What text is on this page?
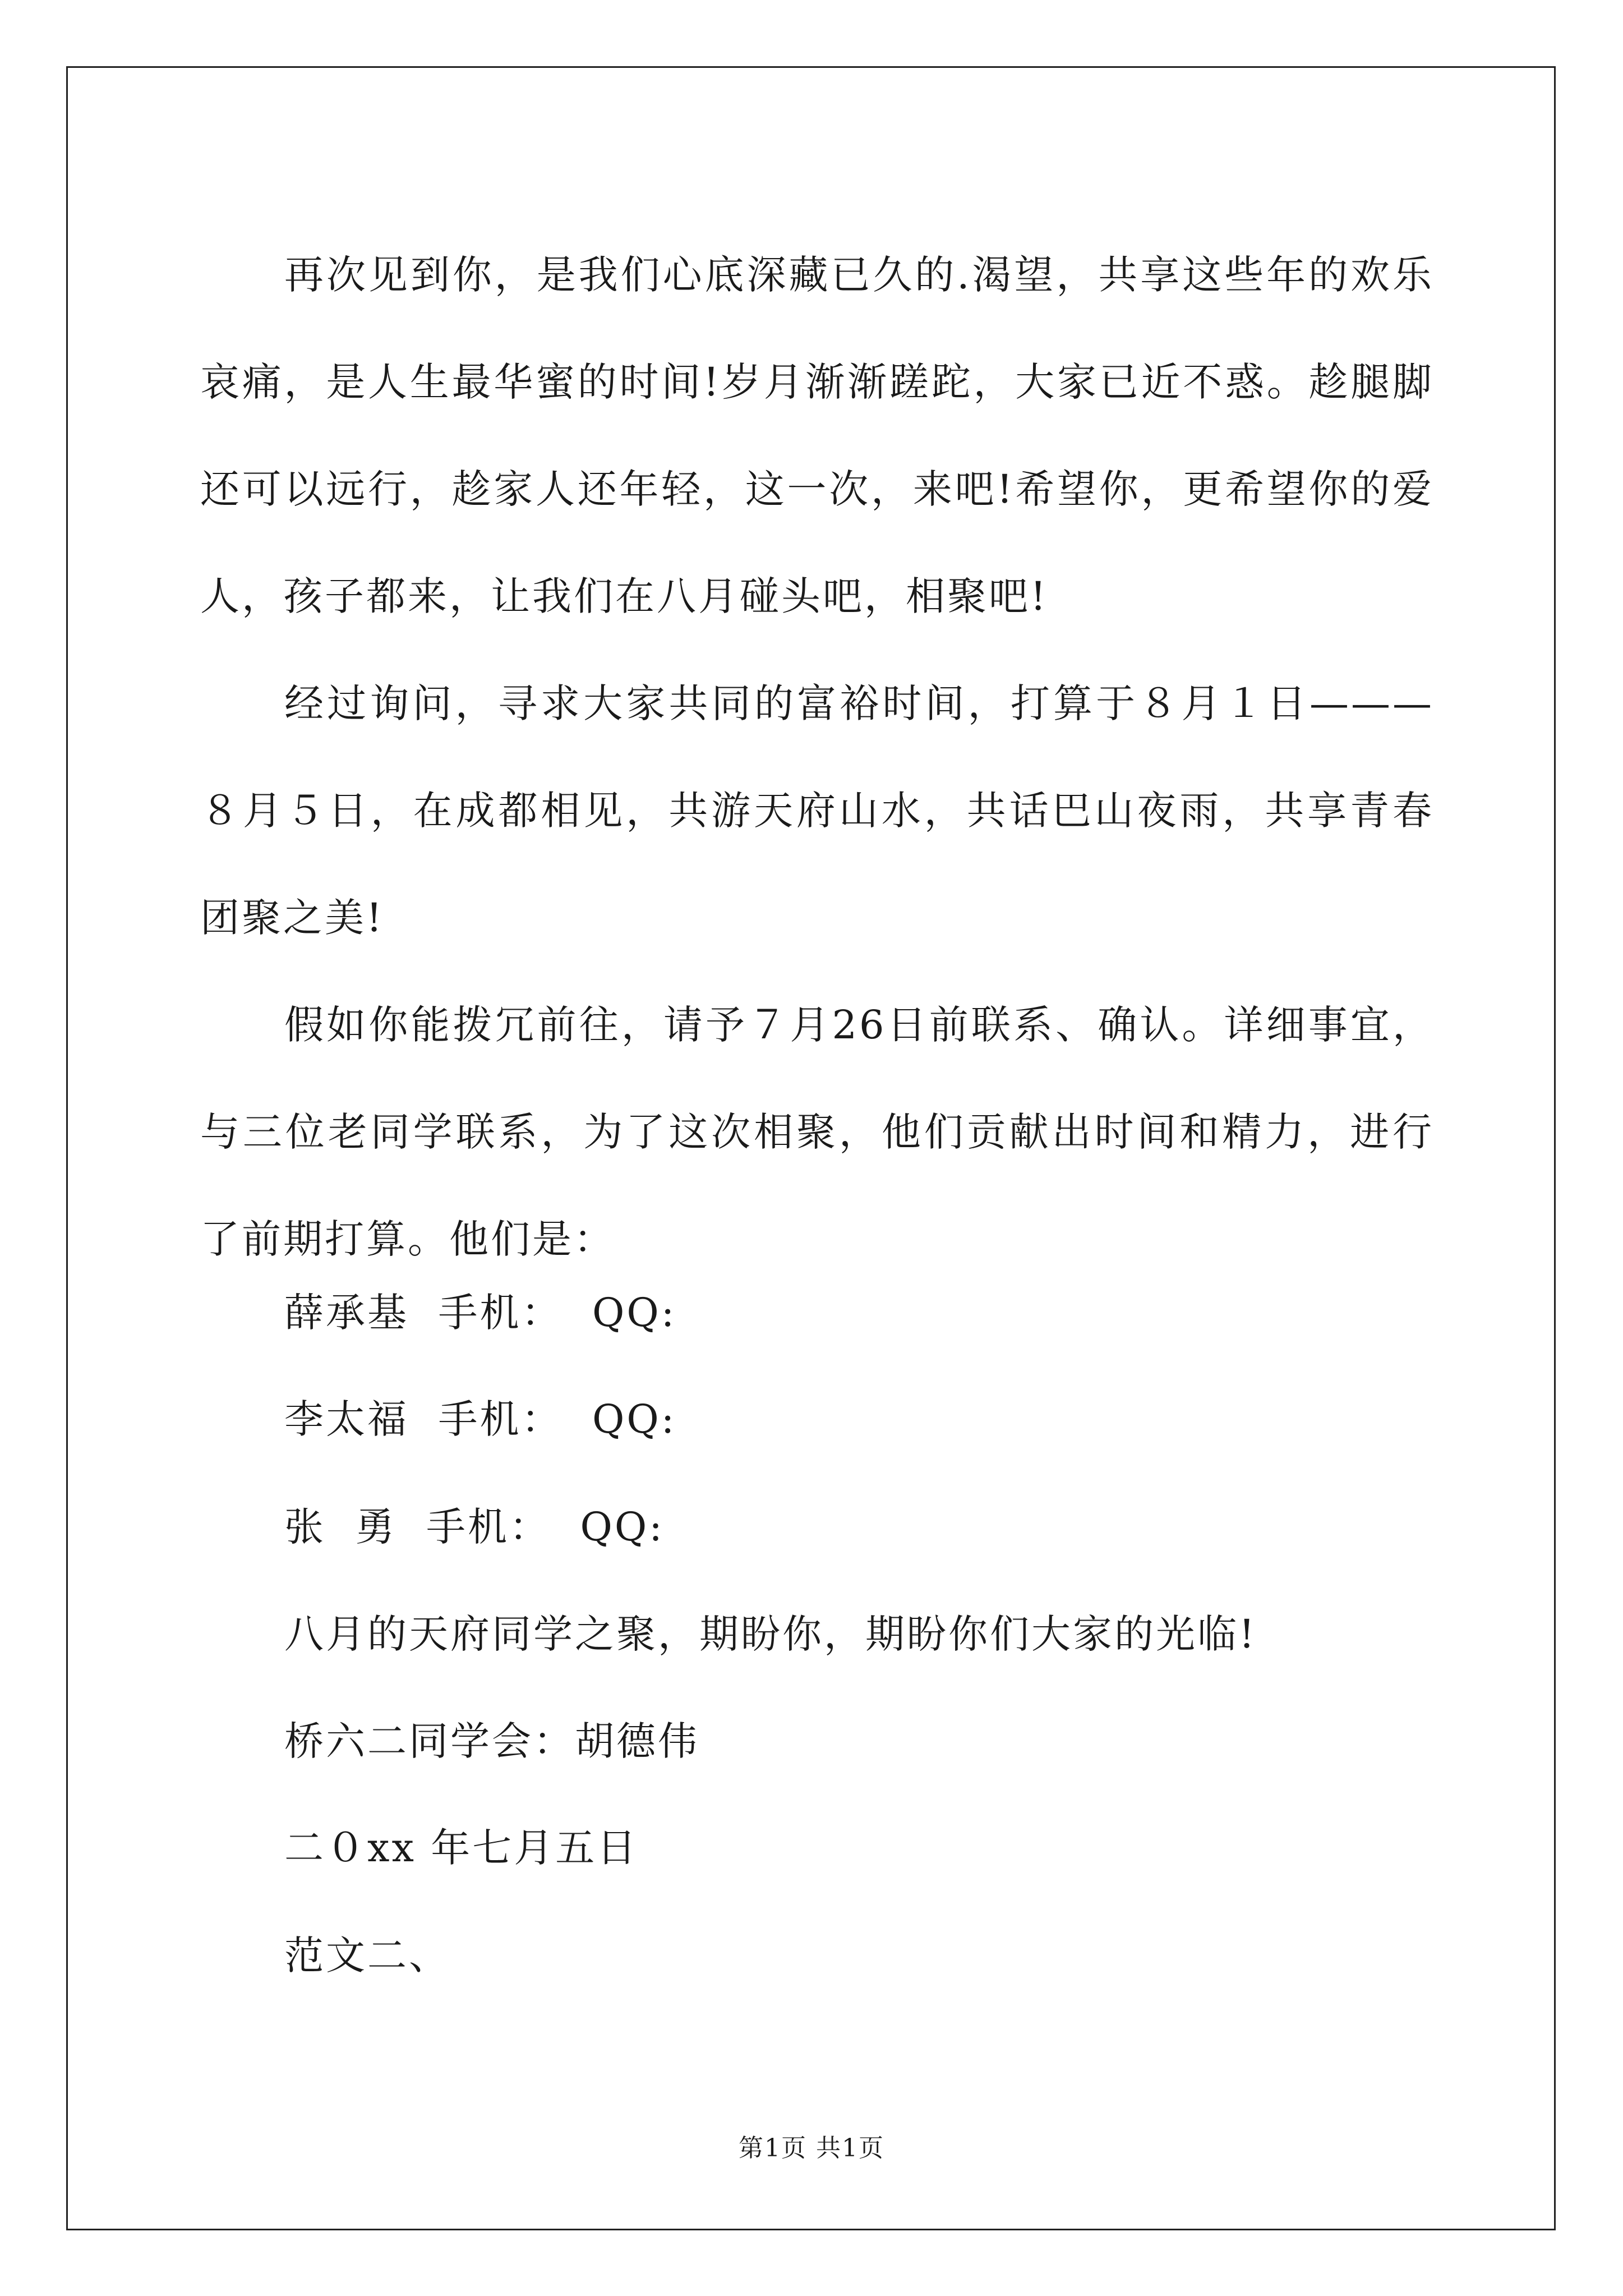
再次见到你，是我们心底深藏已久的.渴望，共享这些年的欢乐哀痛，是人生最华蜜的时间!岁月渐渐蹉跎，大家已近不惑。趁腿脚还可以远行，趁家人还年轻，这一次，来吧!希望你，更希望你的爱人，孩子都来，让我们在八月碰头吧，相聚吧!

经过询问，寻求大家共同的富裕时间，打算于８月１日———８月５日，在成都相见，共游天府山水，共话巴山夜雨，共享青春团聚之美!

假如你能拨冗前往，请予７月26日前联系、确认。详细事宜，与三位老同学联系，为了这次相聚，他们贡献出时间和精力，进行了前期打算。他们是：

薛承基  手机：  QQ:

李太福  手机：  QQ:

张  勇  手机：  QQ:

八月的天府同学之聚，期盼你，期盼你们大家的光临!

桥六二同学会：胡德伟

二０xx 年七月五日

范文二、

第1页 共1页
